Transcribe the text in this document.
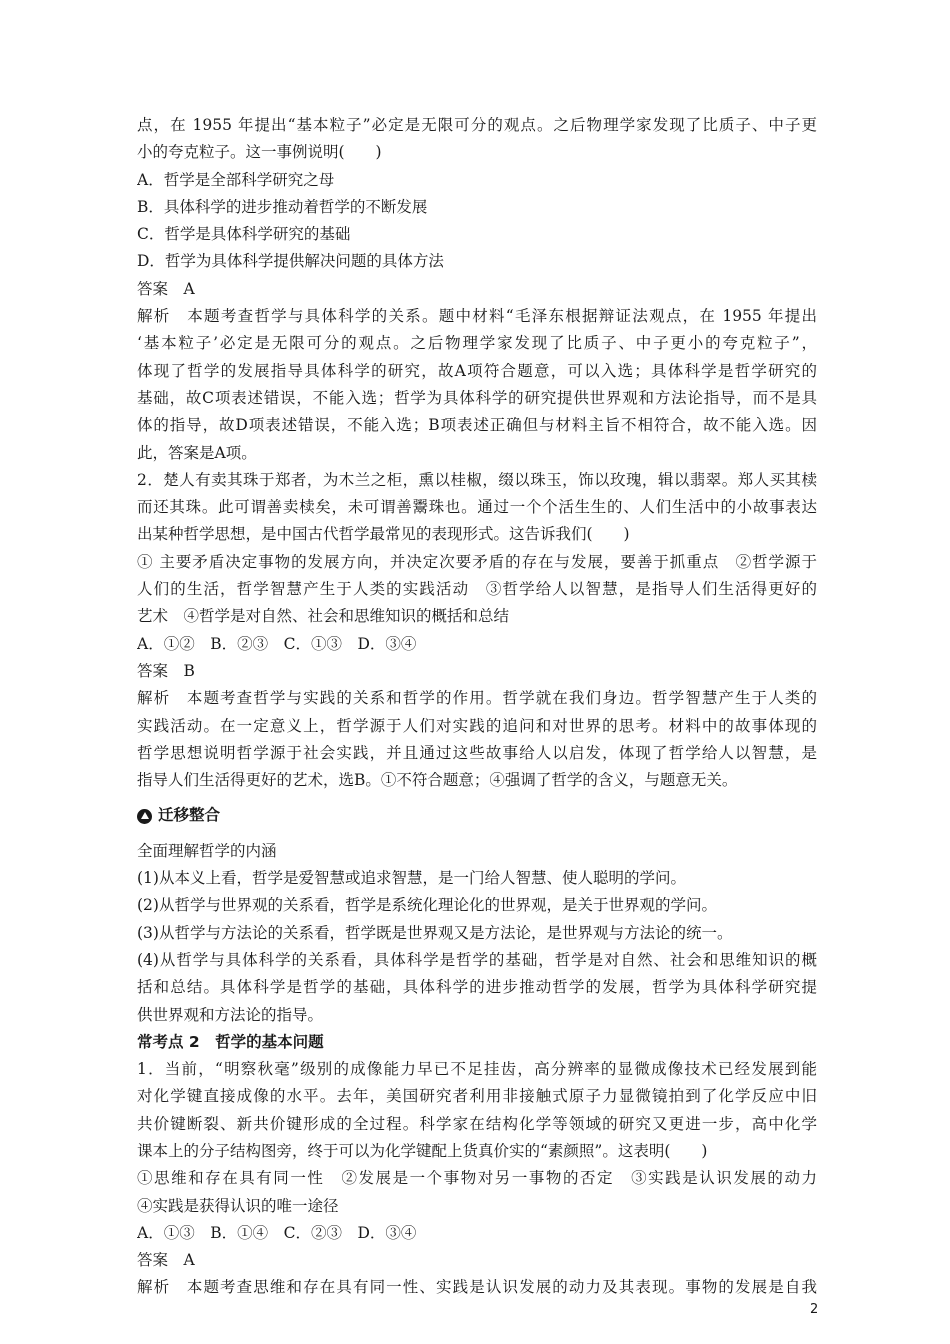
点，在 1955 年提出“基本粒子”必定是无限可分的观点。之后物理学家发现了比质子、中子更
小的夸克粒子。这一事例说明(　　)
A．哲学是全部科学研究之母
B．具体科学的进步推动着哲学的不断发展
C．哲学是具体科学研究的基础
D．哲学为具体科学提供解决问题的具体方法
答案　A
解析　本题考查哲学与具体科学的关系。题中材料“毛泽东根据辩证法观点，在 1955 年提出
‘基本粒子’必定是无限可分的观点。之后物理学家发现了比质子、中子更小的夸克粒子”，
体现了哲学的发展指导具体科学的研究，故A项符合题意，可以入选；具体科学是哲学研究的
基础，故C项表述错误，不能入选；哲学为具体科学的研究提供世界观和方法论指导，而不是具
体的指导，故D项表述错误，不能入选；B项表述正确但与材料主旨不相符合，故不能入选。因
此，答案是A项。
2．楚人有卖其珠于郑者，为木兰之柜，熏以桂椒，缀以珠玉，饰以玫瑰，辑以翡翠。郑人买其椟
而还其珠。此可谓善卖椟矣，未可谓善鬻珠也。通过一个个活生生的、人们生活中的小故事表达
出某种哲学思想，是中国古代哲学最常见的表现形式。这告诉我们(　　)
① 主要矛盾决定事物的发展方向，并决定次要矛盾的存在与发展，要善于抓重点　②哲学源于
人们的生活，哲学智慧产生于人类的实践活动　③哲学给人以智慧，是指导人们生活得更好的
艺术　④哲学是对自然、社会和思维知识的概括和总结
A．①②　B．②③　C．①③　D．③④
答案　B
解析　本题考查哲学与实践的关系和哲学的作用。哲学就在我们身边。哲学智慧产生于人类的
实践活动。在一定意义上，哲学源于人们对实践的追问和对世界的思考。材料中的故事体现的
哲学思想说明哲学源于社会实践，并且通过这些故事给人以启发，体现了哲学给人以智慧，是
指导人们生活得更好的艺术，选B。①不符合题意；④强调了哲学的含义，与题意无关。
迁移整合
全面理解哲学的内涵
(1)从本义上看，哲学是爱智慧或追求智慧，是一门给人智慧、使人聪明的学问。
(2)从哲学与世界观的关系看，哲学是系统化理论化的世界观，是关于世界观的学问。
(3)从哲学与方法论的关系看，哲学既是世界观又是方法论，是世界观与方法论的统一。
(4)从哲学与具体科学的关系看，具体科学是哲学的基础，哲学是对自然、社会和思维知识的概
括和总结。具体科学是哲学的基础，具体科学的进步推动哲学的发展，哲学为具体科学研究提
供世界观和方法论的指导。
常考点 2　哲学的基本问题
1．当前，“明察秋毫”级别的成像能力早已不足挂齿，高分辨率的显微成像技术已经发展到能
对化学键直接成像的水平。去年，美国研究者利用非接触式原子力显微镜拍到了化学反应中旧
共价键断裂、新共价键形成的全过程。科学家在结构化学等领域的研究又更进一步，高中化学
课本上的分子结构图旁，终于可以为化学键配上货真价实的“素颜照”。这表明(　　)
①思维和存在具有同一性　②发展是一个事物对另一事物的否定　③实践是认识发展的动力
④实践是获得认识的唯一途径
A．①③　B．①④　C．②③　D．③④
答案　A
解析　本题考查思维和存在具有同一性、实践是认识发展的动力及其表现。事物的发展是自我
2
